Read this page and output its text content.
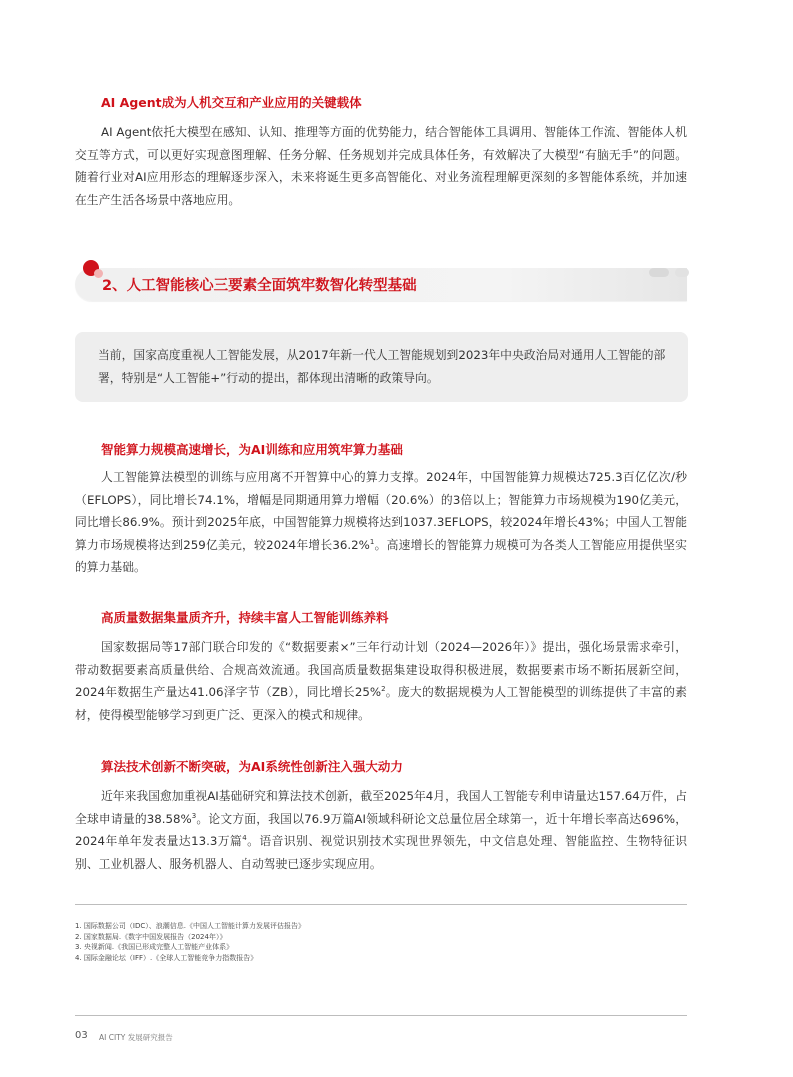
AI Agent成为人机交互和产业应用的关键载体

AI Agent依托大模型在感知、认知、推理等方面的优势能力，结合智能体工具调用、智能体工作流、智能体人机交互等方式，可以更好实现意图理解、任务分解、任务规划并完成具体任务，有效解决了大模型“有脑无手”的问题。随着行业对AI应用形态的理解逐步深入，未来将诞生更多高智能化、对业务流程理解更深刻的多智能体系统，并加速在生产生活各场景中落地应用。

2、人工智能核心三要素全面筑牢数智化转型基础

当前，国家高度重视人工智能发展，从2017年新一代人工智能规划到2023年中央政治局对通用人工智能的部署，特别是“人工智能+”行动的提出，都体现出清晰的政策导向。

智能算力规模高速增长，为AI训练和应用筑牢算力基础

人工智能算法模型的训练与应用离不开智算中心的算力支撑。2024年，中国智能算力规模达725.3百亿亿次/秒（EFLOPS），同比增长74.1%，增幅是同期通用算力增幅（20.6%）的3倍以上；智能算力市场规模为190亿美元，同比增长86.9%。预计到2025年底，中国智能算力规模将达到1037.3EFLOPS，较2024年增长43%；中国人工智能算力市场规模将达到259亿美元，较2024年增长36.2%$^1$。高速增长的智能算力规模可为各类人工智能应用提供坚实的算力基础。

高质量数据集量质齐升，持续丰富人工智能训练养料

国家数据局等17部门联合印发的《“数据要素×”三年行动计划（2024—2026年）》提出，强化场景需求牵引，带动数据要素高质量供给、合规高效流通。我国高质量数据集建设取得积极进展，数据要素市场不断拓展新空间，2024年数据生产量达41.06泽字节（ZB），同比增长25%$^2$。庞大的数据规模为人工智能模型的训练提供了丰富的素材，使得模型能够学习到更广泛、更深入的模式和规律。

算法技术创新不断突破，为AI系统性创新注入强大动力

近年来我国愈加重视AI基础研究和算法技术创新，截至2025年4月，我国人工智能专利申请量达157.64万件，占全球申请量的38.58%$^3$。论文方面，我国以76.9万篇AI领域科研论文总量位居全球第一，近十年增长率高达696%，2024年单年发表量达13.3万篇$^4$。语音识别、视觉识别技术实现世界领先，中文信息处理、智能监控、生物特征识别、工业机器人、服务机器人、自动驾驶已逐步实现应用。

1. 国际数据公司（IDC）、浪潮信息.《中国人工智能计算力发展评估报告》
2. 国家数据局.《数字中国发展报告（2024年）》
3. 央视新闻.《我国已形成完整人工智能产业体系》
4. 国际金融论坛（IFF）.《全球人工智能竞争力指数报告》

03 AI CITY 发展研究报告
